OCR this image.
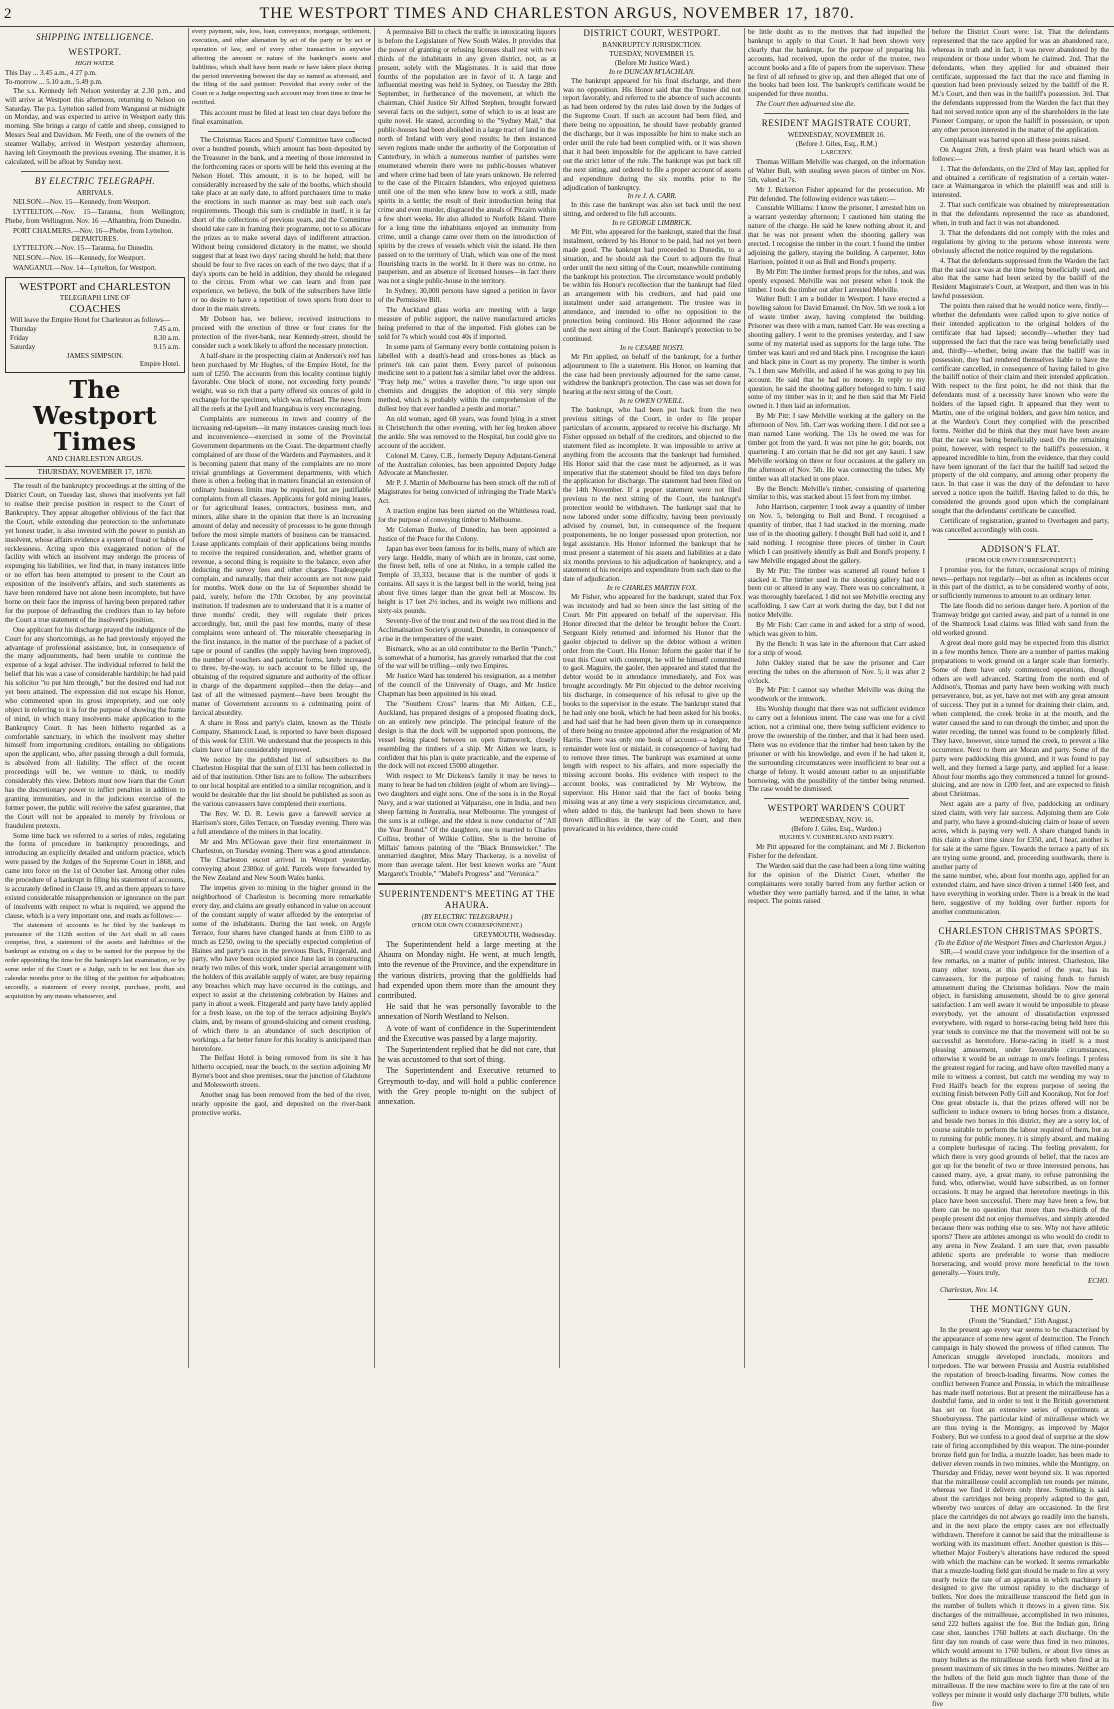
2	THE WESTPORT TIMES AND CHARLESTON ARGUS, NOVEMBER 17, 1870.
SHIPPING INTELLIGENCE.
WESTPORT.
HIGH WATER.
This Day ... 3.45 a.m., 4 27 p.m.
To-morrow ... 5.10 a.m., 5.49 p.m.

The s.s. Kennedy left Nelson yesterday at 2.30 p.m., and will arrive at Westport this afternoon, returning to Nelson on Saturday. The p.s. Lyttelton sailed from Wanganui at midnight on Monday, and was expected to arrive in Westport early this morning. She brings a cargo of cattle and sheep, consigned to Messrs Seal and Davidson. Mr Feeth, one of the owners of the steamer Wallaby, arrived in Westport yesterday afternoon, having left Greymouth the previous evening. The steamer, it is calculated, will be afloat by Sunday next.

BY ELECTRIC TELEGRAPH.
ARRIVALS.

NELSON.—Nov. 15—Kennedy, from Westport.

LYTTELTON.—Nov. 15—Taranna, from Wellington; Phebe, from Wellington. Nov. 16 —Alhambra, from Dunedin.

PORT CHALMERS.—Nov. 16—Phebe, from Lyttelton.

DEPARTURES.

LYTTELTON.—Nov. 15—Taranna, for Dunedin.

NELSON.—Nov. 16—Kennedy, for Westport.

WANGANUI.—Nov. 14—Lyttelton, for Westport.

WESTPORT and CHARLESTON
TELEGRAPH LINE OF
COACHES
Will leave the Empire Hotel for Charleston as follows—
Thursday	7.45 a.m.
Friday	8.30 a.m.
Saturday	9.15 a.m.
JAMES SIMPSON.
Empire Hotel.
The Westport Times
AND CHARLESTON ARGUS.
THURSDAY, NOVEMBER 17, 1870.

The result of the bankruptcy proceedings at the sitting of the District Court, on Tuesday last, shows that insolvents yet fail to realise their precise position in respect to the Court of Bankruptcy. They appear altogether oblivious of the fact that the Court, while extending due protection to the unfortunate yet honest trader, is also invested with the power to punish an insolvent, whose affairs evidence a system of fraud or habits of recklessness. Acting upon this exaggerated notion of the facility with which an insolvent may undergo the process of expunging his liabilities, we find that, in many instances little or no effort has been attempted to present to the Court an exposition of the insolvent's affairs, and such statements as have been rendered have not alone been incomplete, but have borne on their face the impress of having been prepared rather for the purpose of defrauding the creditors than to lay before the Court a true statement of the insolvent's position.

One applicant for his discharge prayed the indulgence of the Court for any shortcomings, as he had previously enjoyed the advantage of professional assistance, but, in consequence of the many adjournments, had been unable to continue the expense of a legal adviser. The individual referred to held the belief that his was a case of considerable hardship; he had paid his solicitor "to put him through," but the desired end had not yet been attained. The expression did not escape his Honor, who commented upon its gross impropriety, and our only object in referring to it is for the purpose of showing the frame of mind, in which many insolvents make application to the Bankruptcy Court. It has been hitherto regarded as a comfortable sanctuary, in which the insolvent may shelter himself from importuning creditors, entailing no obligations upon the applicant, who, after passing through a dull formula, is absolved from all liability. The effect of the recent proceedings will be, we venture to think, to modify considerably this view. Debtors must now learn that the Court has the discretionary power to inflict penalties in addition to granting immunities, and in the judicious exercise of the former power, the public will receive the safest guarantee, that the Court will not be appealed to merely by frivolous or fraudulent pretexts.

Some time back we referred to a series of rules, regulating the forms of procedure in bankruptcy proceedings, and introducing an explicitly detailed and uniform practice, which were passed by the Judges of the Supreme Court in 1868, and came into force on the 1st of October last. Among other rules the procedure of a bankrupt in filing his statement of accounts, is accurately defined in Clause 19, and as there appears to have existed considerable misapprehension or ignorance on the part of insolvents with respect to what is required, we append the clause, which is a very important one, and reads as follows:—

The statement of accounts to be filed by the bankrupt in pursuance of the 112th section of the Act shall in all cases comprise, first, a statement of the assets and liabilities of the bankrupt as existing on a day to be named for the purpose by the order appointing the time for the bankrupt's last examination, or by some order of the Court or a Judge, such to be not less than six calendar months prior to the filing of the petition for adjudication; secondly, a statement of every receipt, purchase, profit, and acquisition by any means whatsoever, and

every payment, sale, loss, loan, conveyance, mortgage, settlement, execution, and other alienation by act of the party or by act or operation of law, and of every other transaction in anywise affecting the amount or nature of the bankrupt's assets and liabilities, which shall have been made or have taken place during the period intervening between the day so named as aforesaid, and the filing of the said petition: Provided that every order of the Court or a Judge respecting such account may from time to time be rectified.

This account must be filed at least ten clear days before the final examination.

The Christmas Races and Sports' Committee have collected over a hundred pounds, which amount has been deposited by the Treasurer in the bank, and a meeting of those interested in the forthcoming races or sports will be held this evening at the Nelson Hotel. This amount, it is to be hoped, will be considerably increased by the sale of the booths, which should take place at an early date, to afford purchasers time to make the erections in such manner as may best suit each one's requirements. Though this sum is creditable in itself, it is far short of the collections of previous years, and the Committee should take care in framing their programme, not to so allocate the prizes as to make several days of indifferent attraction. Without being considered dictatory in the matter, we should suggest that at least two days' racing should be held; that there should be four to five races on each of the two days; that if a day's sports can be held in addition, they should be relegated to the circus. From what we can learn and from past experience, we believe, the bulk of the subscribers have little or no desire to have a repetition of town sports from door to door in the main streets.

Mr Dobson has, we believe, received instructions to proceed with the erection of three or four crates for the protection of the river-bank, near Kennedy-street, should be consider such a work likely to afford the necessary protection.

A half-share in the prospecting claim at Anderson's reef has been purchased by Mr Hughes, of the Empire Hotel, for the sum of £250. The accounts from this locality continue highly favorable. One block of stone, not exceeding forty pounds' weight, was so rich that a party offered six ounces of gold in exchange for the specimen, which was refused. The news from all the reefs at the Lyell and Inangahua is very encouraging.

Complaints are numerous in town and country of the increasing red-tapeism—in many instances causing much loss and inconvenience—exercised in some of the Provincial Government departments on the Coast. The department chiefly complained of are those of the Wardens and Paymasters, and it is becoming patent that many of the complaints are no more trivial grumblings at Government departments, with which there is often a feeling that in matters financial an extension of ordinary business limits may be required, but are justifiable complaints from all classes. Applicants for gold mining leases, or for agricultural leases, contractors, business men, and miners, alike share in the opinion that there is an increasing amount of delay and necessity of processes to be gone through before the most simple matters of business can be transacted. Lease applicants complain of their applications being months to receive the required consideration, and, whether grants of revenue, a second thing is requisite to the balance, even after deducting the survey fees and other charges. Tradespeople complain, and naturally, that their accounts are not now paid for months. Work done on the 1st of September should be paid, surely, before the 17th October, by any provincial institution. If tradesmen are to understand that it is a matter of three months' credit, they will regulate their prices accordingly, but, until the past few months, many of these complaints were unheard of. The miserable cheeseparing in the first instance, in the matter of the purchase of a packet of tape or pound of candles (the supply having been improved), the number of vouchers and particular forms, lately increased to three, by-the-way, to each account to be filled up, the obtaining of the required signature and authority of the officer in charge of the department supplied—then the delay—and last of all the witnessed payment—have been brought the matter of Government accounts to a culminating point of farcical absurdity.

A share in Ross and party's claim, known as the Thistle Company, Shamrock Lead, is reported to have been disposed of this week for £310. We understand that the prospects in this claim have of late considerably improved.

We notice by the published list of subscribers to the Charleston Hospital that the sum of £131 has been collected in aid of that institution. Other lists are to follow. The subscribers to our local hospital are entitled to a similar recognition, and it would be desirable that the list should be published as soon as the various canvassers have completed their exertions.

The Rev. W. D. R. Lewis gave a farewell service at Harrison's store, Giles Terrace, on Tuesday evening. There was a full attendance of the miners in that locality.

Mr and Mrs M'Gowan gave their first entertainment in Charleston, on Tuesday evening. There was a good attendance.

The Charleston escort arrived in Westport yesterday, conveying about 2300oz of gold. Parcels were forwarded by the New Zealand and New South Wales banks.

The impetus given to mining in the higher ground in the neighborhood of Charleston is becoming more remarkable every day, and claims are greatly enhanced in value on account of the constant supply of water afforded by the enterprise of some of the inhabitants. During the last week, on Argyle Terrace, four shares have changed hands at from £100 to as much as £250, owing to the specially expected completion of Haines and party's race in the previous Buck, Fitzgerald, and party, who have been occupied since June last in constructing nearly two miles of this work, under special arrangement with the holders of this available supply of water, are busy repairing any breaches which may have occurred in the cuttings, and expect to assist at the christening celebration by Haines and party in about a week. Fitzgerald and party have lately applied for a fresh lease, on the top of the terrace adjoining Boyle's claim, and, by means of ground-sluicing and cement crushing, of which there is an abundance of such description of workings, a far better future for this locality is anticipated than heretofore.

The Belfast Hotel is being removed from its site it has hitherto occupied, near the beach, to the section adjoining Mr Byrne's boot and shoe premises, near the junction of Gladstone and Molesworth streets.

Another snag has been removed from the bed of the river, nearly opposite the gaol, and deposited on the river-bank protective works.

A permissive Bill to check the traffic in intoxicating liquors is before the Legislature of New South Wales. It provides that the power of granting or refusing licenses shall rest with two thirds of the inhabitants in any given district, not, as at present, solely with the Magistrates. It is said that three fourths of the population are in favor of it. A large and influential meeting was held in Sydney, on Tuesday the 28th September, in furtherance of the movement, at which the chairman, Chief Justice Sir Alfred Stephen, brought forward several facts on the subject, some of which to us at least are quite novel. He stated, according to the "Sydney Mail," that public-houses had been abolished in a large tract of land in the north of Ireland with very good results; he then instanced seven regions made under the authority of the Corporation of Canterbury, in which a numerous number of parishes were enumerated wherein there were no public-houses whatever and where crime had been of late years unknown. He referred to the case of the Pitcairn Islanders, who enjoyed quietness until one of the men who knew how to work a still, made spirits in a kettle; the result of their introduction being that crime and even murder, disgraced the annals of Pitcairn within a few short weeks. He also alluded to Norfolk Island. There for a long time the inhabitants enjoyed an immunity from crime, until a change came over them on the introduction of spirits by the crews of vessels which visit the island. He then passed on to the territory of Utah, which was one of the most flourishing tracts in the world. In it there was no crime, no pauperism, and an absence of licensed houses—in fact there was not a single public-house in the territory.

In Sydney, 30,000 persons have signed a petition in favor of the Permissive Bill.

The Auckland glass works are meeting with a large measure of public support, the native manufactured articles being preferred to that of the imported. Fish globes can be sold for 7s which would cost 40s if imported.

In some parts of Germany every bottle containing poison is labelled with a death's-head and cross-bones as black as printer's ink can paint them. Every parcel of poisonous medicine sent to a patient has a similar label over the address. "Pray help me," writes a traveller there, "to urge upon our chemists and druggists the adoption of this very simple method, which is probably within the comprehension of the dullest boy that ever handled a pestle and mortar."

An old woman, aged 68 years, was found lying in a street in Christchurch the other evening, with her leg broken above the ankle. She was removed to the Hospital, but could give no account of the accident.

Colonel M. Carey, C.B., formerly Deputy Adjutant-General of the Australian colonies, has been appointed Deputy Judge Advocate at Manchester.

Mr P. J. Martin of Melbourne has been struck off the roll of Magistrates for being convicted of infringing the Trade Mark's Act.

A traction engine has been started on the Whittlesea road, for the purpose of conveying timber to Melbourne.

Mr Coleman Burke, of Dunedin, has been appointed a Justice of the Peace for the Colony.

Japan has ever been famous for its bells, many of which are very large. Heddle, many of which are in bronze, cast some, the finest bell, tells of one at Ninko, in a temple called the Temple of 33,333, because that is the number of gods it contains. All says it is the largest bell in the world, being just about five times larger than the great bell at Moscow. Its height is 17 feet 2½ inches, and its weight two millions and sixty-six pounds.

Seventy-five of the trout and two of the sea trout died in the Acclimatisation Society's ground, Dunedin, in consequence of a rise in the temperature of the water.

Bismarck, who as an old contributor to the Berlin "Punch," is somewhat of a humorist, has gravely remarked that the cost of the war will be trifling—only two Empires.

Mr Justice Ward has tendered his resignation, as a member of the council of the University of Otago, and Mr Justice Chapman has been appointed in his stead.

The "Southern Cross" learns that Mr Aitken, C.E., Auckland, has prepared designs of a proposed floating dock, on an entirely new principle. The principal feature of the design is that the dock will be supported upon pontoons, the vessel being placed between on open framework, closely resembling the timbers of a ship. Mr Aitken we learn, is confident that his plan is quite practicable, and the expense of the dock will not exceed £5000 altogether.

With respect to Mr Dickens's family it may be news to many to hear he had ten children (eight of whom are living)—two daughters and eight sons. One of the sons is in the Royal Navy, and a war stationed at Valparaiso, one in India, and two sheep farming in Australia, near Melbourne. The youngest of the sons is at college, and the eldest is now conductor of "All the Year Round." Of the daughters, one is married to Charles Collins, brother of Wilkie Collins. She is the heroine of Millais' famous painting of the "Black Brunswicker." The unmarried daughter, Miss Mary Thackeray, is a novelist of more than average talent. Her best known works are "Aunt Margaret's Trouble," "Mabel's Progress" and "Veronica."

SUPERINTENDENT'S MEETING AT THE AHAURA.
(BY ELECTRIC TELEGRAPH.)
(FROM OUR OWN CORRESPONDENT.)
GREYMOUTH, Wednesday.

The Superintendent held a large meeting at the Ahaura on Monday night. He went, at much length, into the revenue of the Province, and the expenditure in the various districts, proving that the goldfields had had expended upon them more than the amount they contributed.

He said that he was personally favorable to the annexation of North Westland to Nelson.

A vote of want of confidence in the Superintendent and the Executive was passed by a large majority.

The Superintendent replied that he did not care, that he was accustomed to that sort of thing.

The Superintendent and Executive returned to Greymouth to-day, and will hold a public conference with the Grey people to-night on the subject of annexation.

DISTRICT COURT, WESTPORT.
BANKRUPTCY JURISDICTION.
TUESDAY, NOVEMBER 15.
(Before Mr Justice Ward.)
In re DUNCAN M'LACHLAN.

The bankrupt appeared for his final discharge, and there was no opposition. His Honor said that the Trustee did not report favorably, and referred to the absence of such accounts as had been ordered by the rules laid down by the Judges of the Supreme Court. If such an account had been filed, and there being no opposition, he should have probably granted the discharge, but it was impossible for him to make such an order until the rule had been complied with, or it was shown that it had been impossible for the applicant to have carried out the strict letter of the rule. The bankrupt was put back till the next sitting, and ordered to file a proper account of assets and expenditure during the six months prior to the adjudication of bankruptcy.

In re J. A. CARR.

In this case the bankrupt was also set back until the next sitting, and ordered to file full accounts.

In re GEORGE LIMBRICK.

Mr Pitt, who appeared for the bankrupt, stated that the final instalment, ordered by his Honor to be paid, had not yet been made good. The bankrupt had proceeded to Dunedin, to a situation, and he should ask the Court to adjourn the final order until the next sitting of the Court, meanwhile continuing the bankrupt his protection. The circumstance would probably be within his Honor's recollection that the bankrupt had filed an arrangement with his creditors, and had paid one instalment under said arrangement. The trustee was in attendance, and intended to offer no opposition to the protection being continued. His Honor adjourned the case until the next sitting of the Court. Bankrupt's protection to be continued.

In re CESARE NOSTI.

Mr Pitt applied, on behalf of the bankrupt, for a further adjournment to file a statement. His Honor, on learning that the case had been previously adjourned for the same cause, withdrew the bankrupt's protection. The case was set down for hearing at the next sitting of the Court.

In re OWEN O'NEILL.

The bankrupt, who had been put back from the two previous sittings of the Court, in order to file proper particulars of accounts, appeared to receive his discharge. Mr Fisher opposed on behalf of the creditors, and objected to the statement filed as incomplete. It was impossible to arrive at anything from the accounts that the bankrupt had furnished. His Honor said that the case must be adjourned, as it was imperative that the statement should be filed ten days before the application for discharge. The statement had been filed on the 14th November. If a proper statement were not filed previous to the next sitting of the Court, the bankrupt's protection would be withdrawn. The bankrupt said that he now labored under some difficulty, having been previously advised by counsel, but, in consequence of the frequent postponements, he no longer possessed upon protection, nor legal assistance. His Honor informed the bankrupt that he must present a statement of his assets and liabilities at a date six months previous to his adjudication of bankruptcy, and a statement of his receipts and expenditure from such date to the date of adjudication.

In re CHARLES MARTIN FOX.

Mr Fisher, who appeared for the bankrupt, stated that Fox was incustody and had so been since the last sitting of the Court. Mr Pitt appeared on behalf of the supervisor. His Honor directed that the debtor be brought before the Court. Sergeant Kiely returned and informed his Honor that the gaoler objected to deliver up the debtor without a written order from the Court. His Honor: Inform the gaoler that if he treat this Court with contempt, he will be himself committed to gaol. Maguire, the gaoler, then appeared and stated that the debtor would be in attendance immediately, and Fox was brought accordingly. Mr Pitt objected to the debtor receiving his discharge, in consequence of his refusal to give up the books to the supervisor in the estate. The bankrupt stated that he had only one book, which he had been asked for his books, and had said that he had been given them up in consequence of there being no trustee appointed after the resignation of Mr Harris. There was only one book of account—a ledger, the remainder were lost or mislaid, in consequence of having had to remove three times. The bankrupt was examined at some length with respect to his affairs, and more especially the missing account books. His evidence with respect to the account books, was contradicted by Mr Wybrow, the supervisor. His Honor said that the fact of books being missing was at any time a very suspicious circumstance, and, when added to this, the bankrupt had been shown to have thrown difficulties in the way of the Court, and then prevaricated in his evidence, there could

be little doubt as to the motives that had impelled the bankrupt to apply to that Court. It had been shown very clearly that the bankrupt, for the purpose of preparing his accounts, had received, upon the order of the trustee, two account books and a file of papers from the supervisor. These he first of all refused to give up, and then alleged that one of the books had been lost. The bankrupt's certificate would be suspended for three months.

The Court then adjourned sine die.

RESIDENT MAGISTRATE COURT.
WEDNESDAY, NOVEMBER 16.
(Before J. Giles, Esq., R.M.)
LARCENY.

Thomas William Melville was charged, on the information of Walter Bull, with stealing seven pieces of timber on Nov. 5th, valued at 7s.

Mr J. Bickerton Fisher appeared for the prosecution. Mr Pitt defended. The following evidence was taken:—

Constable Williams: I know the prisoner, I arrested him on a warrant yesterday afternoon; I cautioned him stating the nature of the charge. He said he knew nothing about it, and that he was not present when the shooting gallery was erected. I recognise the timber in the court. I found the timber adjoining the gallery, staying the building. A carpenter, John Harrison, pointed it out as Bull and Bond's property.

By Mr Pitt: The timber formed props for the tubes, and was openly exposed. Melville was not present when I took the timber. I took the timber out after I arrested Melville.

Walter Bull: I am a builder in Westport. I have erected a bowling saloon for David Emanuel. On Nov. 5th we took a lot of waste timber away, having completed the building. Prisoner was there with a man, named Carr. He was erecting a shooting gallery. I went to the premises yesterday, and I saw some of my material used as supports for the large tube. The timber was kauri and red and black pine. I recognise the kauri and black pine in Court as my property. The timber is worth 7s. I then saw Melville, and asked if he was going to pay his account. He said that he had no money. In reply to my question, he said the shooting gallery belonged to him. I said some of my timber was in it; and he then said that Mr Field owned it. I then laid an information.

By Mr Pitt: I saw Melville working at the gallery on the afternoon of Nov. 5th. Carr was working there. I did not see a man named Lane working. The 13s he owed me was for timber got from the yard. It was not pine he got; boards, not quartering. I am certain that he did not get any kauri. I saw Melville working on three or four occasions at the gallery on the afternoon of Nov. 5th. He was connecting the tubes. My timber was all stacked in one place.

By the Bench: Melville's timber, consisting of quartering similar to this, was stacked about 15 feet from my timber.

John Harrison, carpenter: I took away a quantity of timber on Nov. 5, belonging to Bull and Bond. I recognised a quantity of timber, that I had stacked in the morning, made use of in the shooting gallery. I thought Bull had sold it, and I said nothing. I recognise three pieces of timber in Court which I can positively identify as Bull and Bond's property. I saw Melville engaged about the gallery.

By Mr Pitt: The timber was scattered all round before I stacked it. The timber used in the shooting gallery had not been cut or altered in any way. There was no concealment, it was thoroughly barefaced. I did not see Melville erecting any scaffolding. I saw Carr at work during the day, but I did not notice Melville.

By Mr Fish: Carr came in and asked for a strip of wood, which was given to him.

By the Bench: It was late in the afternoon that Carr asked for a strip of wood.

John Oakley stated that he saw the prisoner and Carr erecting the tubes on the afternoon of Nov. 5; it was after 2 o'clock.

By Mr Pitt: I cannot say whether Melville was doing the woodwork or the ironwork.

His Worship thought that there was not sufficient evidence to carry out a felonious intent. The case was one for a civil action, not a criminal one, there being sufficient evidence to prove the ownership of the timber, and that it had been used. There was no evidence that the timber had been taken by the prisoner or with his knowledge, and even if he had taken it, the surrounding circumstances were insufficient to bear out a charge of felony. It would amount rather to an unjustifiable borrowing, with the possibility of the timber being returned. The case would be dismissed.

WESTPORT WARDEN'S COURT
WEDNESDAY, NOV. 16.
(Before J. Giles, Esq., Warden.)
HUGHES V. CUMBERLAND AND PARTY.

Mr Pitt appeared for the complainant, and Mr J. Bickerton Fisher for the defendant.

The Warden said that the case had been a long time waiting for the opinion of the District Court, whether the complainants were totally barred from any further action or whether they were partially barred, and if the latter, in what respect. The points raised

before the District Court were: 1st. That the defendants represented that the race applied for was an abandoned race, whereas in truth and in fact, it was never abandoned by the respondent or those under whom he claimed. 2nd. That the defendants, when they applied for and obtained their certificate, suppressed the fact that the race and flaming in question had been previously seized by the bailiff of the R. M.'s Court, and then was in the bailiff's possession. 3rd. That the defendants suppressed from the Warden the fact that they had not served notice upon any of the shareholders in the late Pioneer Company, or upon the bailiff in possession, or upon any other person interested in the matter of the application.

Complainant was barred upon all these points raised.

On August 26th, a fresh plaint was heard which was as follows:—

1. That the defendants, on the 23rd of May last, applied for and obtained a certificate of registration of a certain water-race at Waimangaroa in which the plaintiff was and still is interested.

2. That such certificate was obtained by misrepresentation in that the defendants represented the race as abandoned, when, in truth and fact it was not abandoned.

3. That the defendants did not comply with the rules and regulations by giving to the persons whose interests were obviously affected the notice required by the regulations.

4. That the defendants suppressed from the Warden the fact that the said race was at the time being beneficially used, and also that the same had been seized by the bailiff of the Resident Magistrate's Court, at Westport, and then was in his lawful possession.

The points then raised that he would notice were, firstly—whether the defendants were called upon to give notice of their intended application to the original holders of the certificate that had lapsed; secondly—whether they had suppressed the fact that the race was being beneficially used and, thirdly—whether, being aware that the bailiff was in possession, they had rendered themselves liable to have the certificate cancelled, in consequence of having failed to give the bailiff notice of their claim and their intended application. With respect to the first point, he did not think that the defendants must of a necessity have known who were the holders of the lapsed right. It appeared that they went to Martin, one of the original holders, and gave him notice, and at the Warden's Court they complied with the prescribed forms. Neither did he think that they must have been aware that the race was being beneficially used. On the remaining point, however, with respect to the bailiff's possession, it appeared incredible to him, from the evidence, that they could have been ignorant of the fact that the bailiff had seized the property of the old company, and among other property the race. In that case it was the duty of the defendant to have served a notice upon the bailiff. Having failed to do this, he considered the grounds good upon which the complainant sought that the defendants' certificate be cancelled.

Certificate of registration, granted to Overhagen and party, was cancelled accordingly with costs.

ADDISON'S FLAT.
(FROM OUR OWN CORRESPONDENT.)

I promise you, for the future, occasional scraps of mining news—perhaps not regularly—but as often as incidents occur in this part of the district, as to be considered worthy of note, or sufficiently numerous to amount to an ordinary letter.

The late floods did no serious danger here. A portion of the Tramway bridge got carried away, and part of a tunnel in one of the Shamrock Lead claims was filled with sand from the old worked ground.

A great deal more gold may be expected from this district in a few months hence. There are a number of parties making preparations to work ground on a larger scale than formerly. Some of them have only commenced operations, though others are well advanced. Starting from the north end of Addison's, Thomas and party have been working with much perseverance, but, as yet, have not met with any great amount of success. They put in a tunnel for draining their claim, and, when completed, the creek broke in at the mouth, and the water caused the sand to run through the timber, and upon the water receding, the tunnel was found to be completely filled. They have, however, since turned the creek, to prevent a like occurrence. Next to them are Moran and party. Some of the party were paddocking this ground, and it was found to pay well, and they formed a large party, and applied for a lease. About four months ago they commenced a tunnel for ground-sluicing, and are now in 1200 feet, and are expected to finish about Christmas.

Next again are a party of five, paddocking an ordinary sized claim, with very fair success. Adjoining them are Cole and party, who have a ground-sluicing claim or lease of seven acres, which is paying very well. A share changed hands in this claim a short time since for £350, and, I hear, another is for sale at the same figure. Towards the terrace a party of six are trying some ground, and, proceeding southwards, there is another party of

the same number, who, about four months ago, applied for an extended claim, and have since driven a tunnel 1400 feet, and have everything in working order. There is a break in the lead here, suggestive of my holding over further reports for another communication.

CHARLESTON CHRISTMAS SPORTS.
(To the Editor of the Westport Times and Charleston Argus.)

SIR,—I would crave your indulgence for the insertion of a few remarks, on a matter of public interest. Charleston, like many other towns, at this period of the year, has its canvassers, for the purpose of raising funds to furnish amusement during the Christmas holidays. Now the main object, in furnishing amusement, should be to give general satisfaction. I am well aware it would be impossible to please everybody, yet the amount of dissatisfaction expressed everywhere, with regard to horse-racing being held here this year tends to convince me that the movement will not be so successful as heretofore. Horse-racing in itself is a most pleasing amusement, under favourable circumstances, otherwise it would be an outrage to one's feelings. I profess the greatest regard for racing, and have often travelled many a mile to witness a contest, but catch me wending my way to Fred Haill's beach for the express purpose of seeing the exciting finish between Polly Gill and Koorakup, Not for Joe! One great obstacle is, that the prizes offered will not be sufficient to induce owners to bring horses from a distance, and beside two horses in this district, they are a sorry lot, of course suitable to perform the labour required of them, but as to running for public money, it is simply absurd, and making a complete burlesque of racing. The feeling prevalent, for which there is very good grounds of belief, that the races are got up for the benefit of two or three interested persons, has caused many, aye, a great many, to refuse patronising the fund, who, otherwise, would have subscribed, as on former occasions. It may be argued that heretofore meetings in this place have been successful. There may have been a few, but there can be no question that more than two-thirds of the people present did not enjoy themselves, and simply attended because there was nothing else to see. Why not have athletic sports? There are athletes amongst us who would do credit to any arena in New Zealand. I am sure that, even passable athletic sports are preferable to worse than mediocre horseracing, and would prove more beneficial to the town generally.—Yours truly,

ECHO.
Charleston, Nov. 14.
THE MONTIGNY GUN.
(From the "Standard," 15th August.)

In the present age every war seems to be characterised by the appearance of some new agent of destruction. The French campaign in Italy showed the prowess of rifled cannon. The American struggle developed ironclads, monitors and torpedoes. The war between Prussia and Austria established the reputation of breech-loading firearms. Now comes the conflict between France and Prussia, in which the mitrailleuse has made itself notorious. But at present the mitrailleuse has a doubtful fame, and in order to test it the British government has set on foot an extensive series of experiments at Shoeburyness. The particular kind of mitrailleuse which we are thus trying is the Montigny, as improved by Major Fosbery. But we confess to a good deal of surprise at the slow rate of firing accomplished by this weapon. The nine-pounder bronze field gun for India, a muzzle loader, has been made to deliver eleven rounds in two minutes, while the Montigny, on Thursday and Friday, never went beyond six. It was reported that the mitrailleuse could accomplish ten rounds per minute, whereas we find it delivers only three. Something is said about the cartridges not being properly adapted to the gun, whereby two sources of delay are occasioned. In the first place the cartridges do not always go readily into the barrels, and in the next place the empty cases are not effectually withdrawn. Therefore it cannot be said that the mitrailleuse is working with its maximum effect. Another question is this—whether Major Fosbery's alterations have reduced the speed with which the machine can be worked. It seems remarkable that a muzzle-loading field gun should be made to fire at very nearly twice the rate of an apparatus in which machinery is designed to give the utmost rapidity to the discharge of bullets. Nor does the mitrailleuse transcend the field gun in the number of bullets which it throws in a given time. Six discharges of the mitrailleuse, accomplished in two minutes, send 222 bullets against the foe. But the Indian gun, firing case shot, launches 1760 bullets at each discharge. On the first day ten rounds of case were thus fired in two minutes, which would amount to 1760 bullets, or about five times as many bullets as the mitrailleuse sends forth when fired at its present maximum of six times in the two minutes. Neither are the bullets of the field gun much lighter than those of the mitrailleuse. If the new machine were to fire at the rate of ten volleys per minute it would only discharge 370 bullets, while five
